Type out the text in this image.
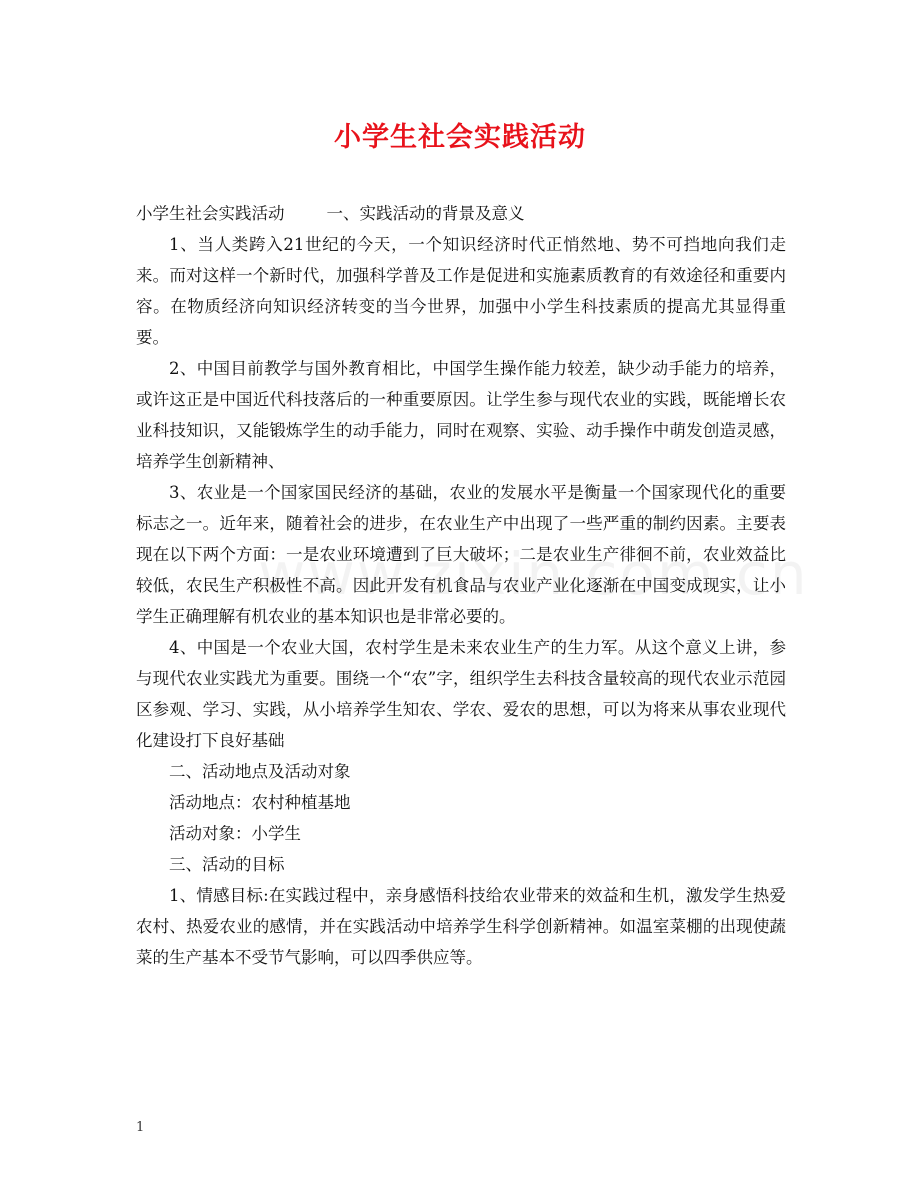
小学生社会实践活动

小学生社会实践活动	一、实践活动的背景及意义

1、当人类跨入21世纪的今天，一个知识经济时代正悄然地、势不可挡地向我们走来。而对这样一个新时代，加强科学普及工作是促进和实施素质教育的有效途径和重要内容。在物质经济向知识经济转变的当今世界，加强中小学生科技素质的提高尤其显得重要。

2、中国目前教学与国外教育相比，中国学生操作能力较差，缺少动手能力的培养，或许这正是中国近代科技落后的一种重要原因。让学生参与现代农业的实践，既能增长农业科技知识，又能锻炼学生的动手能力，同时在观察、实验、动手操作中萌发创造灵感，培养学生创新精神、

3、农业是一个国家国民经济的基础，农业的发展水平是衡量一个国家现代化的重要标志之一。近年来，随着社会的进步，在农业生产中出现了一些严重的制约因素。主要表现在以下两个方面：一是农业环境遭到了巨大破坏；二是农业生产徘徊不前，农业效益比较低，农民生产积极性不高。因此开发有机食品与农业产业化逐渐在中国变成现实，让小学生正确理解有机农业的基本知识也是非常必要的。

4、中国是一个农业大国，农村学生是未来农业生产的生力军。从这个意义上讲，参与现代农业实践尤为重要。围绕一个“农”字，组织学生去科技含量较高的现代农业示范园区参观、学习、实践，从小培养学生知农、学农、爱农的思想，可以为将来从事农业现代化建设打下良好基础

二、活动地点及活动对象

活动地点：农村种植基地

活动对象：小学生

三、活动的目标

1、情感目标:在实践过程中，亲身感悟科技给农业带来的效益和生机，激发学生热爱农村、热爱农业的感情，并在实践活动中培养学生科学创新精神。如温室菜棚的出现使蔬菜的生产基本不受节气影响，可以四季供应等。

1
